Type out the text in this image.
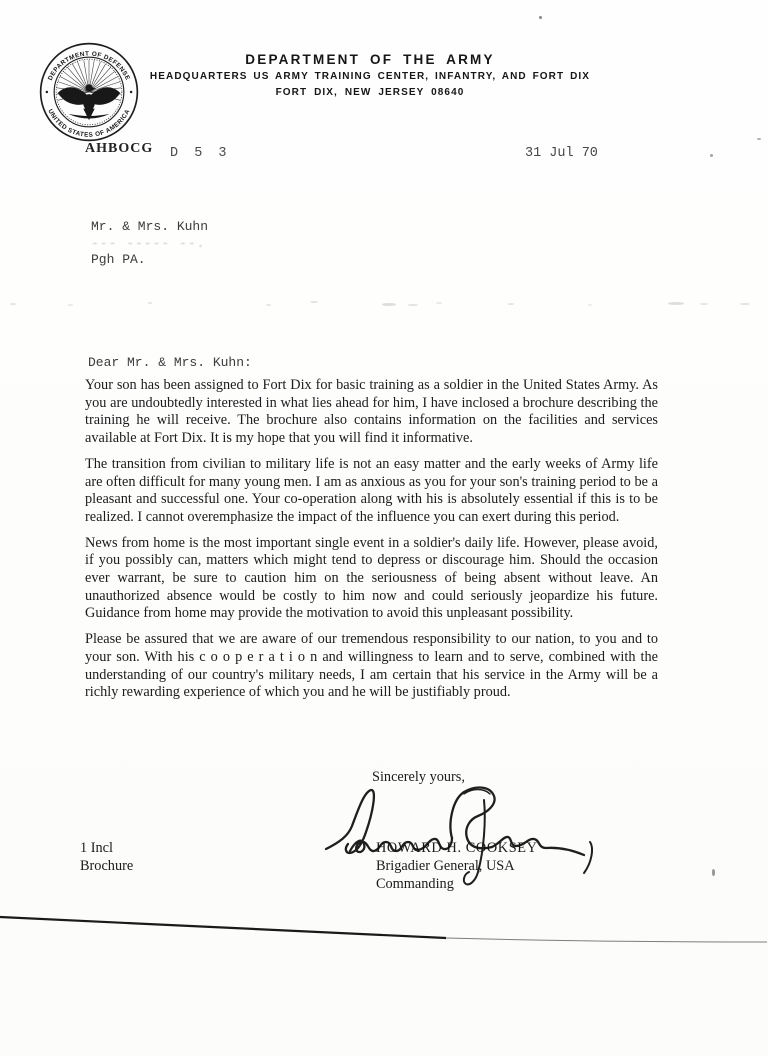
DEPARTMENT OF DEFENSE
UNITED STATES OF AMERICA
DEPARTMENT OF THE ARMY
HEADQUARTERS US ARMY TRAINING CENTER, INFANTRY, AND FORT DIX
FORT DIX, NEW JERSEY 08640
AHBOCG D 5 3	31 Jul 70
Mr. & Mrs. Kuhn
--- ----- --.
Pgh PA.
Dear Mr. & Mrs. Kuhn:

Your son has been assigned to Fort Dix for basic training as a soldier in the United States Army. As you are undoubtedly interested in what lies ahead for him, I have inclosed a brochure describing the training he will receive. The brochure also contains information on the facilities and services available at Fort Dix. It is my hope that you will find it informative.

The transition from civilian to military life is not an easy matter and the early weeks of Army life are often difficult for many young men. I am as anxious as you for your son's training period to be a pleasant and successful one. Your co-operation along with his is absolutely essential if this is to be realized. I cannot overemphasize the impact of the influence you can exert during this period.

News from home is the most important single event in a soldier's daily life. However, please avoid, if you possibly can, matters which might tend to depress or discourage him. Should the occasion ever warrant, be sure to caution him on the seriousness of being absent without leave. An unauthorized absence would be costly to him now and could seriously jeopardize his future. Guidance from home may provide the motivation to avoid this unpleasant possibility.

Please be assured that we are aware of our tremendous responsibility to our nation, to you and to your son. With his c o o p e r a t i o n and willingness to learn and to serve, combined with the understanding of our country's military needs, I am certain that his service in the Army will be a richly rewarding experience of which you and he will be justifiably proud.

Sincerely yours,
HOWARD H. COOKSEY
Brigadier General, USA
Commanding
1 Incl
Brochure
